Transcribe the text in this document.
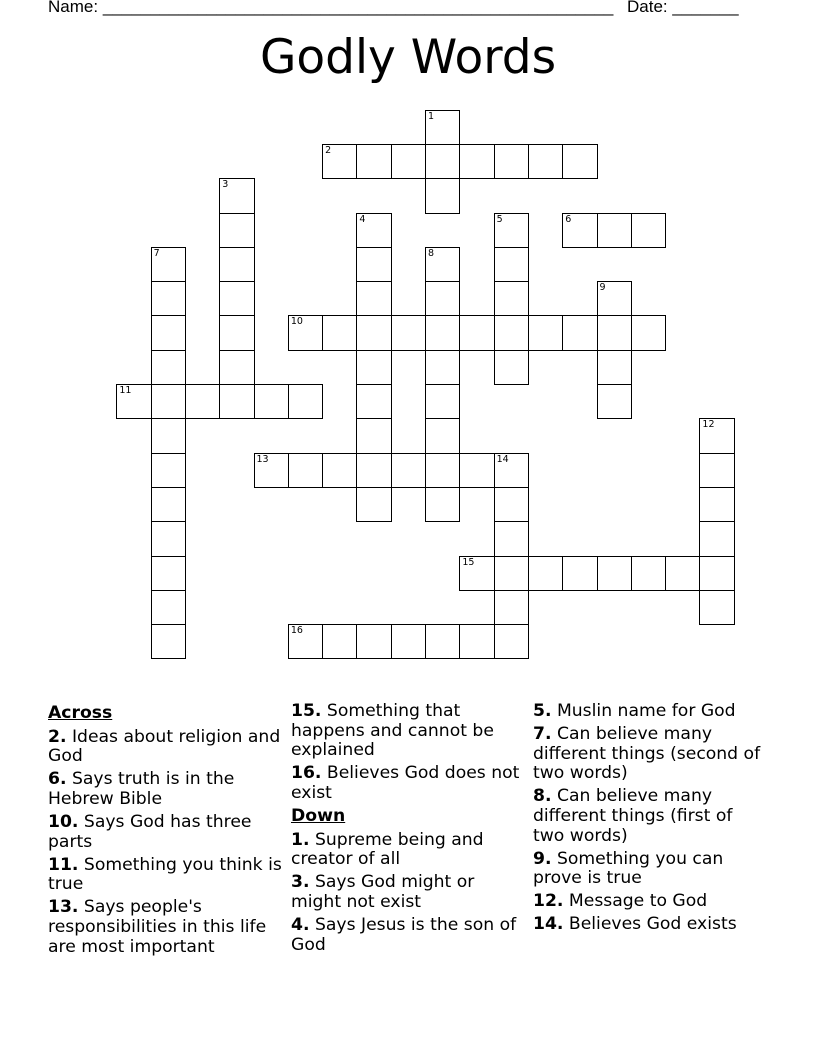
Name: ______________________________________________________ Date: _______
Godly Words
1
2
3
4	5	6
7	8
9
10
11
12
13	14
15
16
Across
2. Ideas about religion and God
6. Says truth is in the Hebrew Bible
10. Says God has three parts
11. Something you think is true
13. Says people's responsibilities in this life are most important
15. Something that happens and cannot be explained
16. Believes God does not exist
Down
1. Supreme being and creator of all
3. Says God might or might not exist
4. Says Jesus is the son of God
5. Muslin name for God
7. Can believe many different things (second of two words)
8. Can believe many different things (first of two words)
9. Something you can prove is true
12. Message to God
14. Believes God exists
